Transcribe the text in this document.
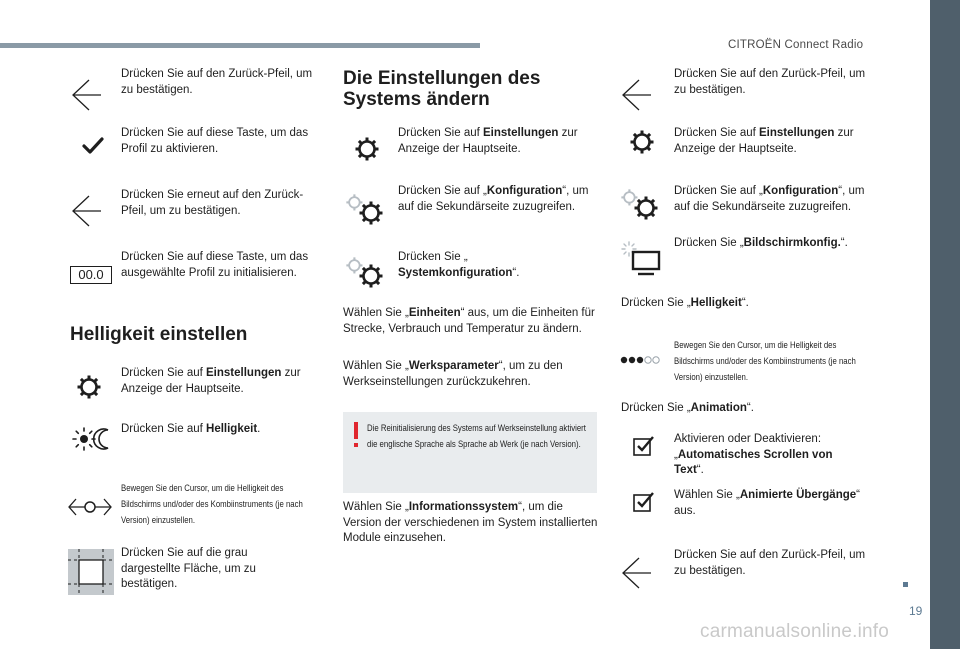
CITROËN Connect Radio
19
carmanualsonline.info
Drücken Sie auf den Zurück-Pfeil, um zu bestätigen.
Drücken Sie auf diese Taste, um das Profil zu aktivieren.
Drücken Sie erneut auf den Zurück-Pfeil, um zu bestätigen.
00.0
Drücken Sie auf diese Taste, um das ausgewählte Profil zu initialisieren.
Helligkeit einstellen
Drücken Sie auf Einstellungen zur Anzeige der Hauptseite.
Drücken Sie auf Helligkeit.
Bewegen Sie den Cursor, um die Helligkeit des Bildschirms und/oder des Kombiinstruments (je nach Version) einzustellen.
Drücken Sie auf die grau dargestellte Fläche, um zu bestätigen.
Die Einstellungen des Systems ändern
Drücken Sie auf Einstellungen zur Anzeige der Hauptseite.
Drücken Sie auf „Konfiguration“, um auf die Sekundärseite zuzugreifen.
Drücken Sie „
Systemkonfiguration“.
Wählen Sie „Einheiten“ aus, um die Einheiten für Strecke, Verbrauch und Temperatur zu ändern.
Wählen Sie „Werksparameter“, um zu den Werkseinstellungen zurückzukehren.
Die Reinitialisierung des Systems auf Werkseinstellung aktiviert die englische Sprache als Sprache ab Werk (je nach Version).
Wählen Sie „Informationssystem“, um die Version der verschiedenen im System installierten Module einzusehen.
Drücken Sie auf den Zurück-Pfeil, um zu bestätigen.
Drücken Sie auf Einstellungen zur Anzeige der Hauptseite.
Drücken Sie auf „Konfiguration“, um auf die Sekundärseite zuzugreifen.
Drücken Sie „Bildschirmkonfig.“.
Drücken Sie „Helligkeit“.
Bewegen Sie den Cursor, um die Helligkeit des Bildschirms und/oder des Kombiinstruments (je nach Version) einzustellen.
Drücken Sie „Animation“.
Aktivieren oder Deaktivieren: „Automatisches Scrollen von Text“.
Wählen Sie „Animierte Übergänge“ aus.
Drücken Sie auf den Zurück-Pfeil, um zu bestätigen.
